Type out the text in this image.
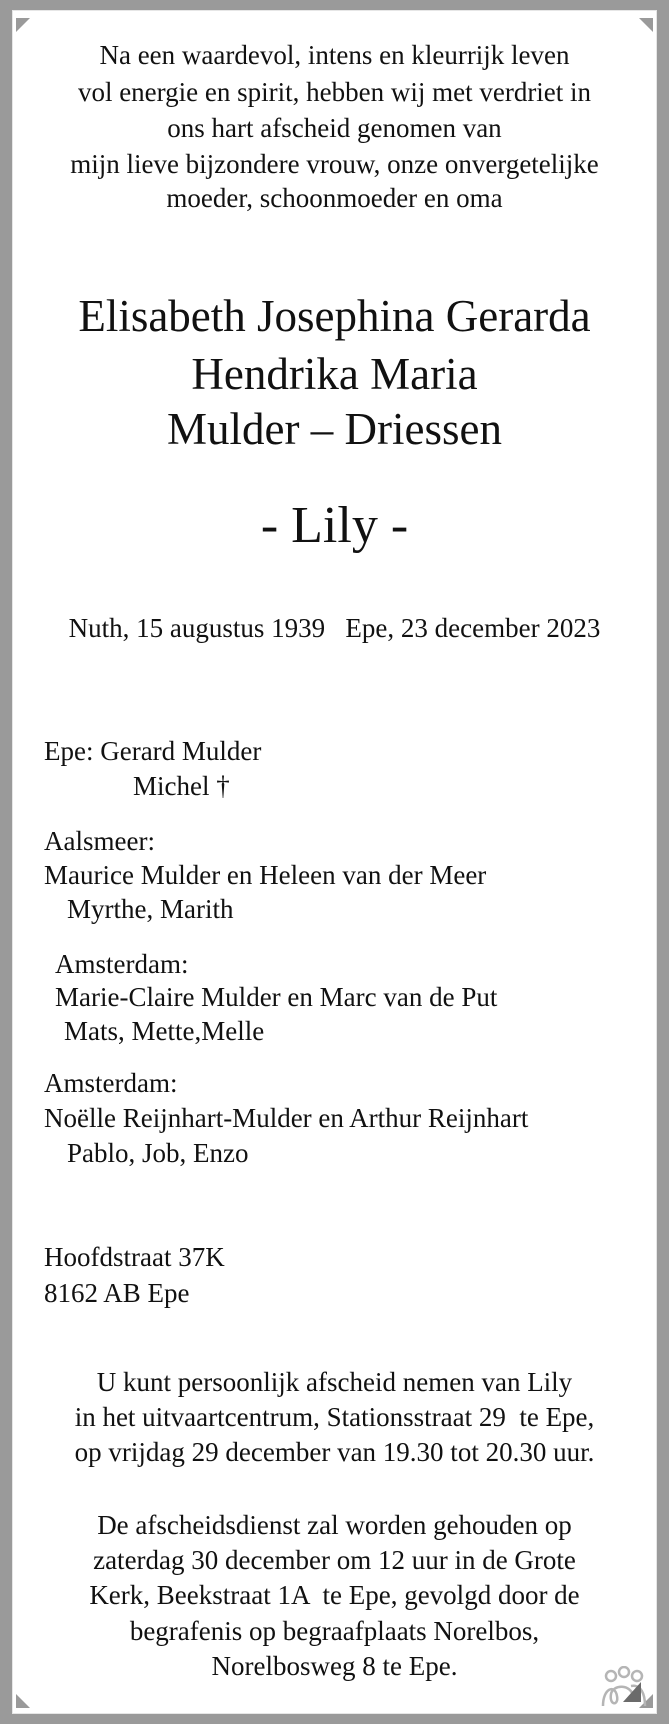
Na een waardevol, intens en kleurrijk leven
vol energie en spirit, hebben wij met verdriet in
ons hart afscheid genomen van
mijn lieve bijzondere vrouw, onze onvergetelijke
moeder, schoonmoeder en oma
Elisabeth Josephina Gerarda
Hendrika Maria
Mulder – Driessen
- Lily -
Nuth, 15 augustus 1939   Epe, 23 december 2023
Epe: Gerard Mulder
Michel †
Aalsmeer:
Maurice Mulder en Heleen van der Meer
Myrthe, Marith
Amsterdam:
Marie-Claire Mulder en Marc van de Put
Mats, Mette,Melle
Amsterdam:
Noëlle Reijnhart-Mulder en Arthur Reijnhart
Pablo, Job, Enzo
Hoofdstraat 37K
8162 AB Epe
U kunt persoonlijk afscheid nemen van Lily
in het uitvaartcentrum, Stationsstraat 29  te Epe,
op vrijdag 29 december van 19.30 tot 20.30 uur.
De afscheidsdienst zal worden gehouden op
zaterdag 30 december om 12 uur in de Grote
Kerk, Beekstraat 1A  te Epe, gevolgd door de
begrafenis op begraafplaats Norelbos,
Norelbosweg 8 te Epe.
